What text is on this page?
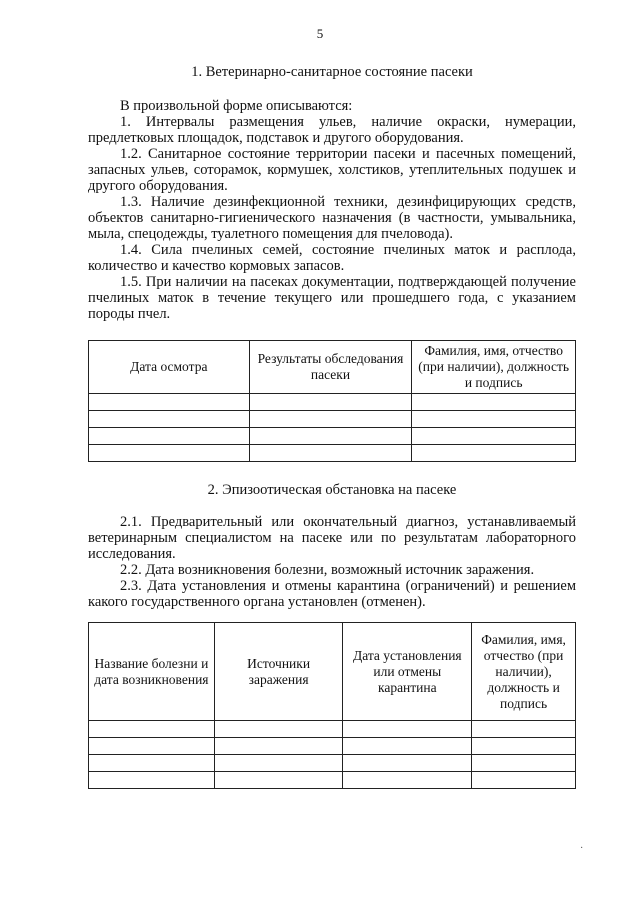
5
1. Ветеринарно-санитарное состояние пасеки

В произвольной форме описываются:

1. Интервалы размещения ульев, наличие окраски, нумерации, предлетковых площадок, подставок и другого оборудования.

1.2. Санитарное состояние территории пасеки и пасечных помещений, запасных ульев, сотoрамок, кормушек, холстиков, утеплительных подушек и другого оборудования.

1.3. Наличие дезинфекционной техники, дезинфицирующих средств, объектов санитарно-гигиенического назначения (в частности, умывальника, мыла, спецодежды, туалетного помещения для пчеловода).

1.4. Сила пчелиных семей, состояние пчелиных маток и расплода, количество и качество кормовых запасов.

1.5. При наличии на пасеках документации, подтверждающей получение пчелиных маток в течение текущего или прошедшего года, с указанием породы пчел.

Дата осмотра	Результаты обследования пасеки	Фамилия, имя, отчество (при наличии), должность и подпись

2. Эпизоотическая обстановка на пасеке

2.1. Предварительный или окончательный диагноз, устанавливаемый ветеринарным специалистом на пасеке или по результатам лабораторного исследования.

2.2. Дата возникновения болезни, возможный источник заражения.

2.3. Дата установления и отмены карантина (ограничений) и решением какого государственного органа установлен (отменен).

Название болезни и дата возникновения	Источники заражения	Дата установления или отмены карантина	Фамилия, имя, отчество (при наличии), должность и подпись

·
